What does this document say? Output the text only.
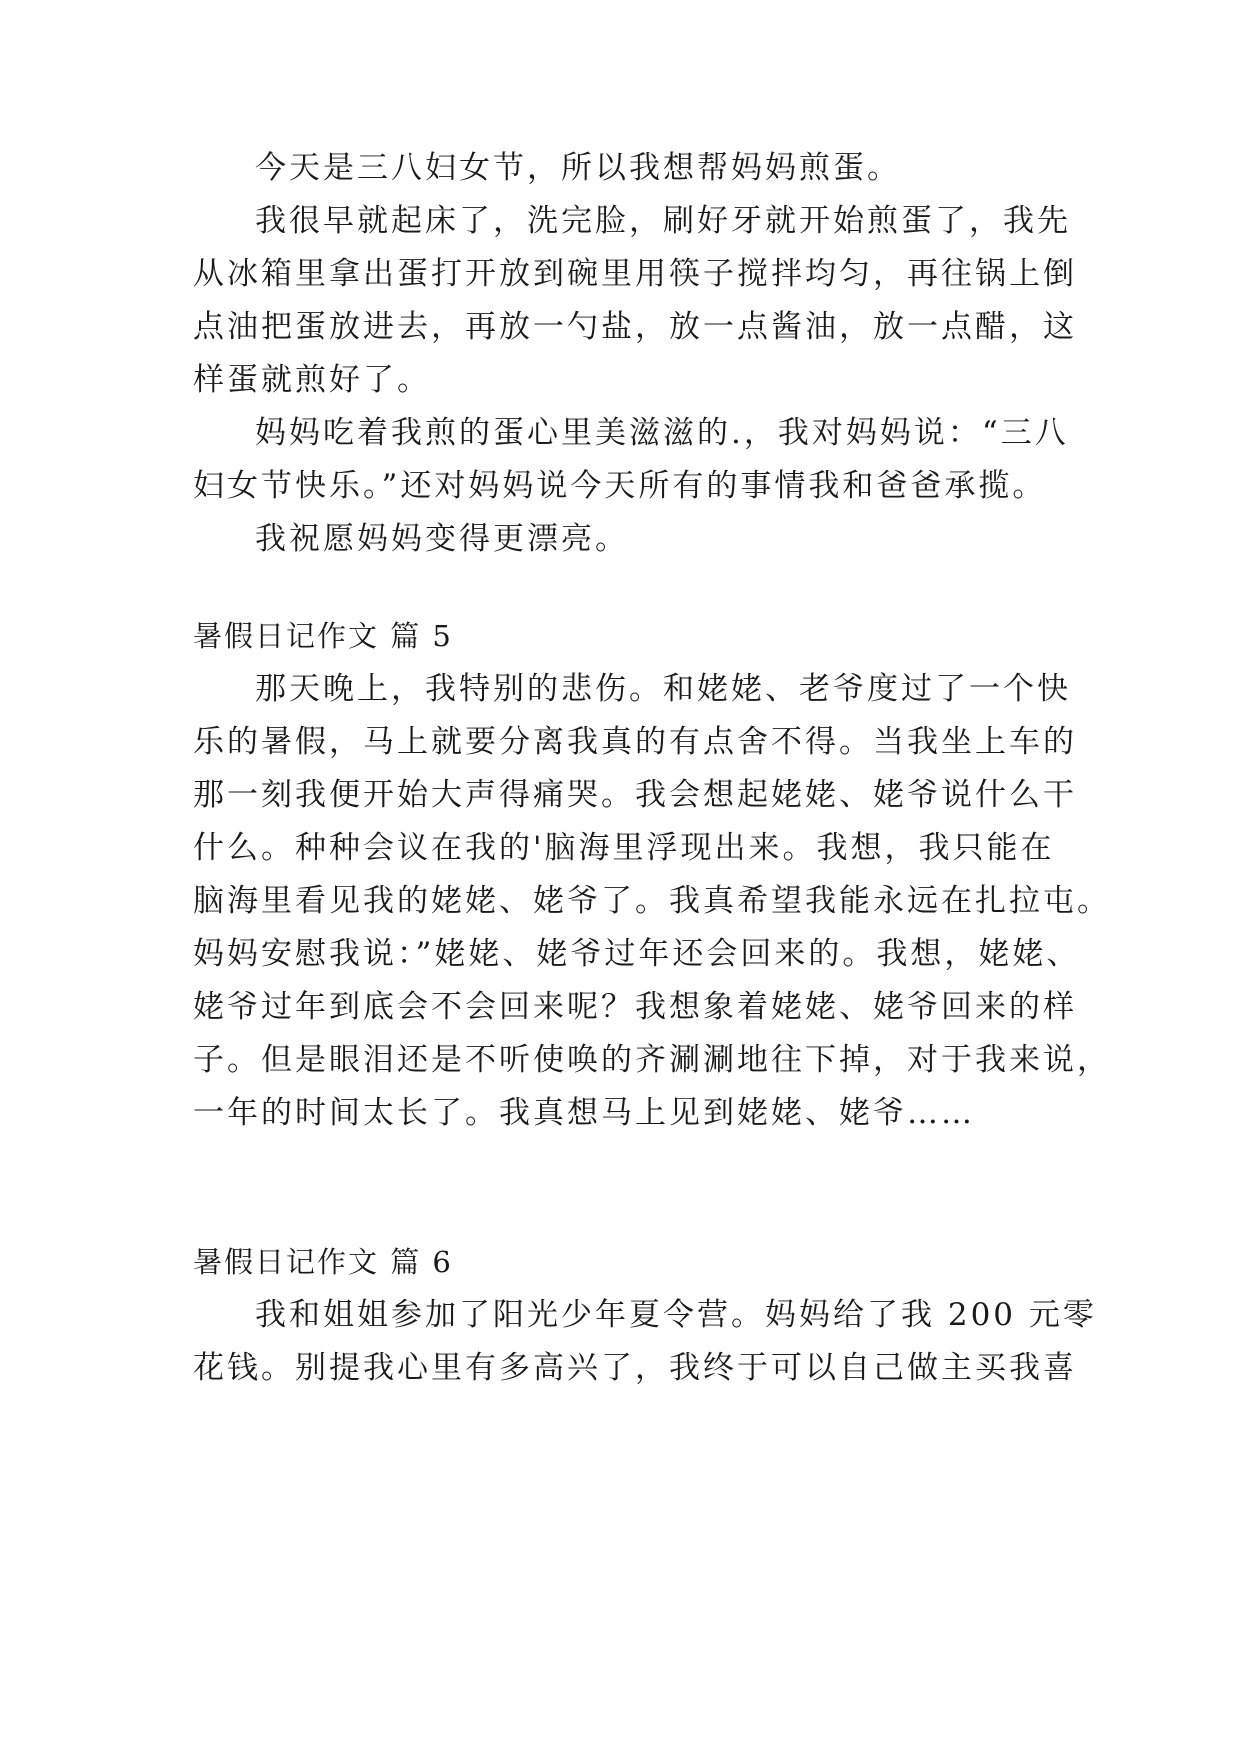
今天是三八妇女节，所以我想帮妈妈煎蛋。
我很早就起床了，洗完脸，刷好牙就开始煎蛋了，我先
从冰箱里拿出蛋打开放到碗里用筷子搅拌均匀，再往锅上倒
点油把蛋放进去，再放一勺盐，放一点酱油，放一点醋，这
样蛋就煎好了。
妈妈吃着我煎的蛋心里美滋滋的.，我对妈妈说：“三八
妇女节快乐。”还对妈妈说今天所有的事情我和爸爸承揽。
我祝愿妈妈变得更漂亮。
暑假日记作文 篇 5
那天晚上，我特别的悲伤。和姥姥、老爷度过了一个快
乐的暑假，马上就要分离我真的有点舍不得。当我坐上车的
那一刻我便开始大声得痛哭。我会想起姥姥、姥爷说什么干
什么。种种会议在我的'脑海里浮现出来。我想，我只能在
脑海里看见我的姥姥、姥爷了。我真希望我能永远在扎拉屯。
妈妈安慰我说：”姥姥、姥爷过年还会回来的。我想，姥姥、
姥爷过年到底会不会回来呢？我想象着姥姥、姥爷回来的样
子。但是眼泪还是不听使唤的齐涮涮地往下掉，对于我来说，
一年的时间太长了。我真想马上见到姥姥、姥爷……
暑假日记作文 篇 6
我和姐姐参加了阳光少年夏令营。妈妈给了我 200 元零
花钱。别提我心里有多高兴了，我终于可以自己做主买我喜
